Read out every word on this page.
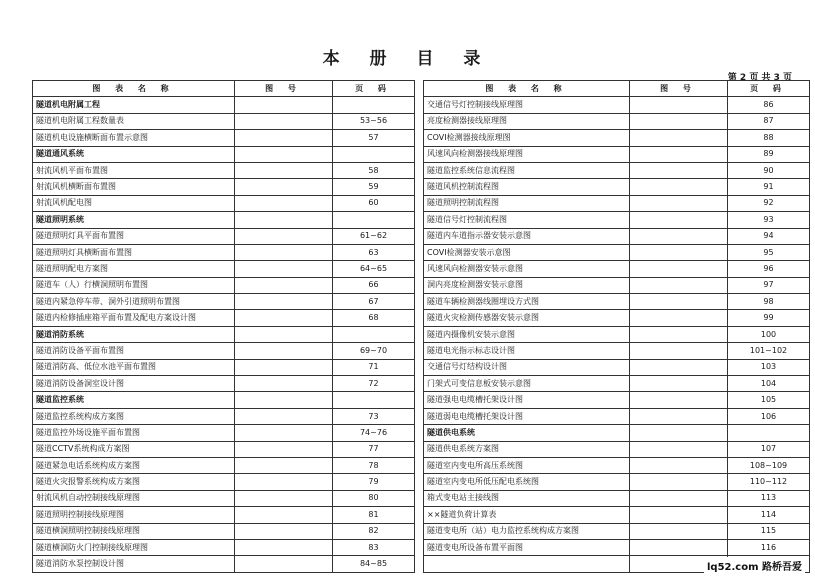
本 册 目 录
第 2 页 共 3 页
图 表 名 称	图 号	页 码
隧道机电附属工程		
隧道机电附属工程数量表		53~56
隧道机电设施横断面布置示意图		57
隧道通风系统		
射流风机平面布置图		58
射流风机横断面布置图		59
射流风机配电图		60
隧道照明系统		
隧道照明灯具平面布置图		61~62
隧道照明灯具横断面布置图		63
隧道照明配电方案图		64~65
隧道车（人）行横洞照明布置图		66
隧道内紧急停车带、洞外引道照明布置图		67
隧道内检修插座箱平面布置及配电方案设计图		68
隧道消防系统		
隧道消防设备平面布置图		69~70
隧道消防高、低位水池平面布置图		71
隧道消防设备洞室设计图		72
隧道监控系统		
隧道监控系统构成方案图		73
隧道监控外场设施平面布置图		74~76
隧道CCTV系统构成方案图		77
隧道紧急电话系统构成方案图		78
隧道火灾报警系统构成方案图		79
射流风机自动控制接线原理图		80
隧道照明控制接线原理图		81
隧道横洞照明控制接线原理图		82
隧道横洞防火门控制接线原理图		83
隧道消防水泵控制设计图		84~85
图 表 名 称	图 号	页 码
交通信号灯控制接线原理图		86
亮度检测器接线原理图		87
COVI检测器接线原理图		88
风速风向检测器接线原理图		89
隧道监控系统信息流程图		90
隧道风机控制流程图		91
隧道照明控制流程图		92
隧道信号灯控制流程图		93
隧道内车道指示器安装示意图		94
COVI检测器安装示意图		95
风速风向检测器安装示意图		96
洞内亮度检测器安装示意图		97
隧道车辆检测器线圈埋设方式图		98
隧道火灾检测传感器安装示意图		99
隧道内摄像机安装示意图		100
隧道电光指示标志设计图		101~102
交通信号灯结构设计图		103
门架式可变信息板安装示意图		104
隧道强电电缆槽托架设计图		105
隧道弱电电缆槽托架设计图		106
隧道供电系统		
隧道供电系统方案图		107
隧道室内变电所高压系统图		108~109
隧道室内变电所低压配电系统图		110~112
箱式变电站主接线图		113
××隧道负荷计算表		114
隧道变电所（站）电力监控系统构成方案图		115
隧道变电所设备布置平面图		116

lq52.com 路桥吾爱
